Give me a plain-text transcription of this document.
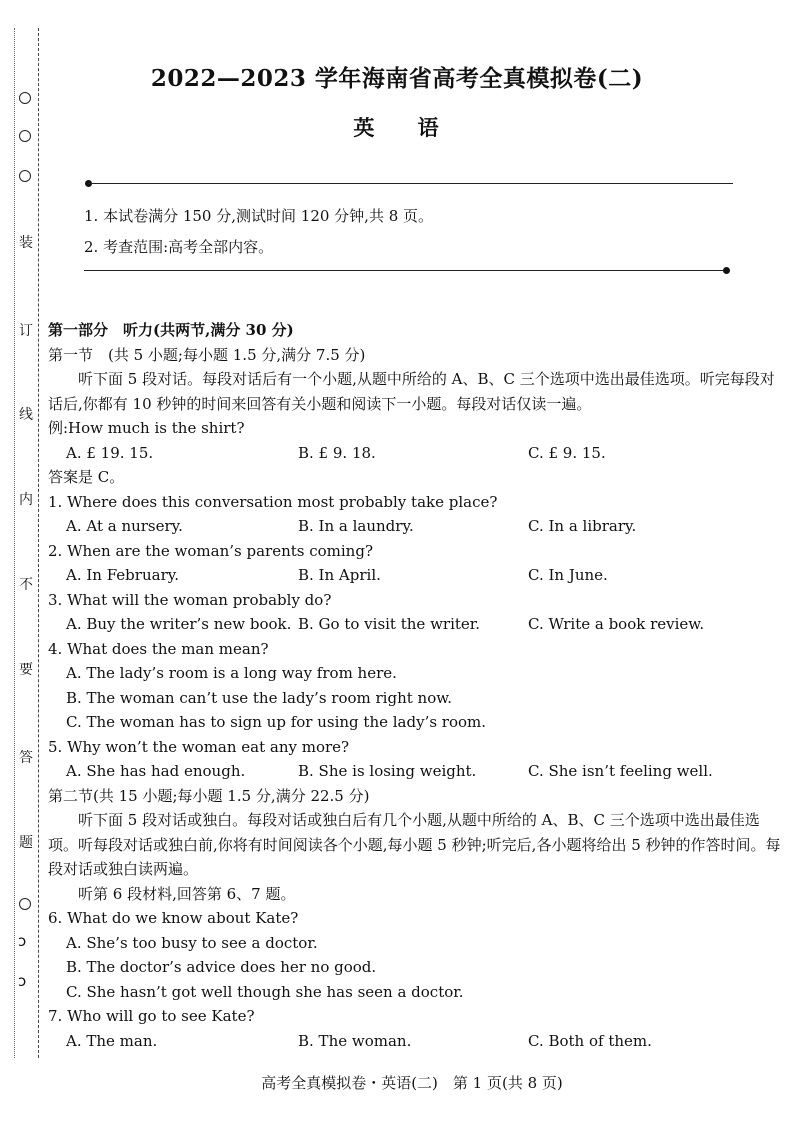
装
订
线
内
不
要
答
题
ↄ
ↄ
2022—2023 学年海南省高考全真模拟卷(二)
英 语
1. 本试卷满分 150 分,测试时间 120 分钟,共 8 页。
2. 考查范围:高考全部内容。

第一部分　听力(共两节,满分 30 分)

第一节　(共 5 小题;每小题 1.5 分,满分 7.5 分)

听下面 5 段对话。每段对话后有一个小题,从题中所给的 A、B、C 三个选项中选出最佳选项。听完每段对话后,你都有 10 秒钟的时间来回答有关小题和阅读下一小题。每段对话仅读一遍。

例:How much is the shirt?

A. £ 19. 15.	B. £ 9. 18.	C. £ 9. 15.

答案是 C。

1. Where does this conversation most probably take place?

A. At a nursery.	B. In a laundry.	C. In a library.

2. When are the woman’s parents coming?

A. In February.	B. In April.	C. In June.

3. What will the woman probably do?

A. Buy the writer’s new book. B. Go to visit the writer.	C. Write a book review.

4. What does the man mean?

A. The lady’s room is a long way from here.

B. The woman can’t use the lady’s room right now.

C. The woman has to sign up for using the lady’s room.

5. Why won’t the woman eat any more?

A. She has had enough.	B. She is losing weight.	C. She isn’t feeling well.

第二节(共 15 小题;每小题 1.5 分,满分 22.5 分)

听下面 5 段对话或独白。每段对话或独白后有几个小题,从题中所给的 A、B、C 三个选项中选出最佳选项。听每段对话或独白前,你将有时间阅读各个小题,每小题 5 秒钟;听完后,各小题将给出 5 秒钟的作答时间。每段对话或独白读两遍。

听第 6 段材料,回答第 6、7 题。

6. What do we know about Kate?

A. She’s too busy to see a doctor.

B. The doctor’s advice does her no good.

C. She hasn’t got well though she has seen a doctor.

7. Who will go to see Kate?

A. The man.	B. The woman.	C. Both of them.
高考全真模拟卷・英语(二)　第 1 页(共 8 页)
